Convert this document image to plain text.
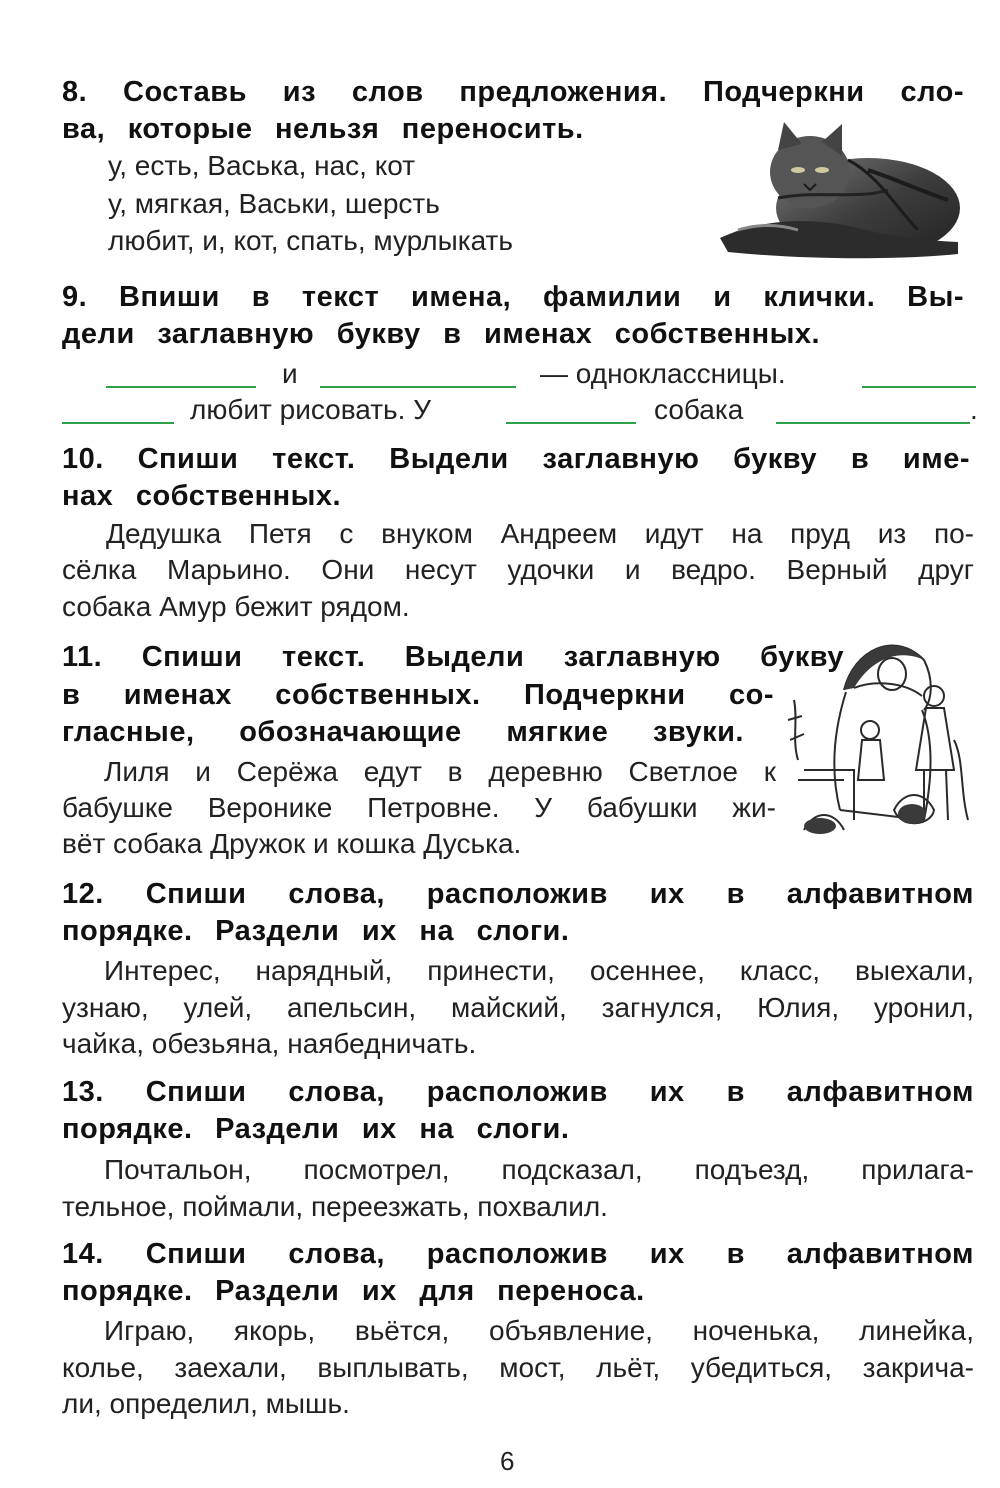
8. Составь из слов предложения. Подчеркни сло-
ва, которые нельзя переносить.
у, есть, Васька, нас, кот
у, мягкая, Васьки, шерсть
любит, и, кот, спать, мурлыкать
9. Впиши в текст имена, фамилии и клички. Вы-
дели заглавную букву в именах собственных.
и	— одноклассницы.
любит рисовать. У	собака	.
10. Спиши текст. Выдели заглавную букву в име-
нах собственных.
Дедушка Петя с внуком Андреем идут на пруд из по-
сёлка Марьино. Они несут удочки и ведро. Верный друг
собака Амур бежит рядом.
11. Спиши текст. Выдели заглавную букву
в именах собственных. Подчеркни со-
гласные, обозначающие мягкие звуки.
Лиля и Серёжа едут в деревню Светлое к
бабушке Веронике Петровне. У бабушки жи-
вёт собака Дружок и кошка Дуська.
12. Спиши слова, расположив их в алфавитном
порядке. Раздели их на слоги.
Интерес, нарядный, принести, осеннее, класс, выехали,
узнаю, улей, апельсин, майский, загнулся, Юлия, уронил,
чайка, обезьяна, наябедничать.
13. Спиши слова, расположив их в алфавитном
порядке. Раздели их на слоги.
Почтальон, посмотрел, подсказал, подъезд, прилага-
тельное, поймали, переезжать, похвалил.
14. Спиши слова, расположив их в алфавитном
порядке. Раздели их для переноса.
Играю, якорь, вьётся, объявление, ноченька, линейка,
колье, заехали, выплывать, мост, льёт, убедиться, закрича-
ли, определил, мышь.
6
